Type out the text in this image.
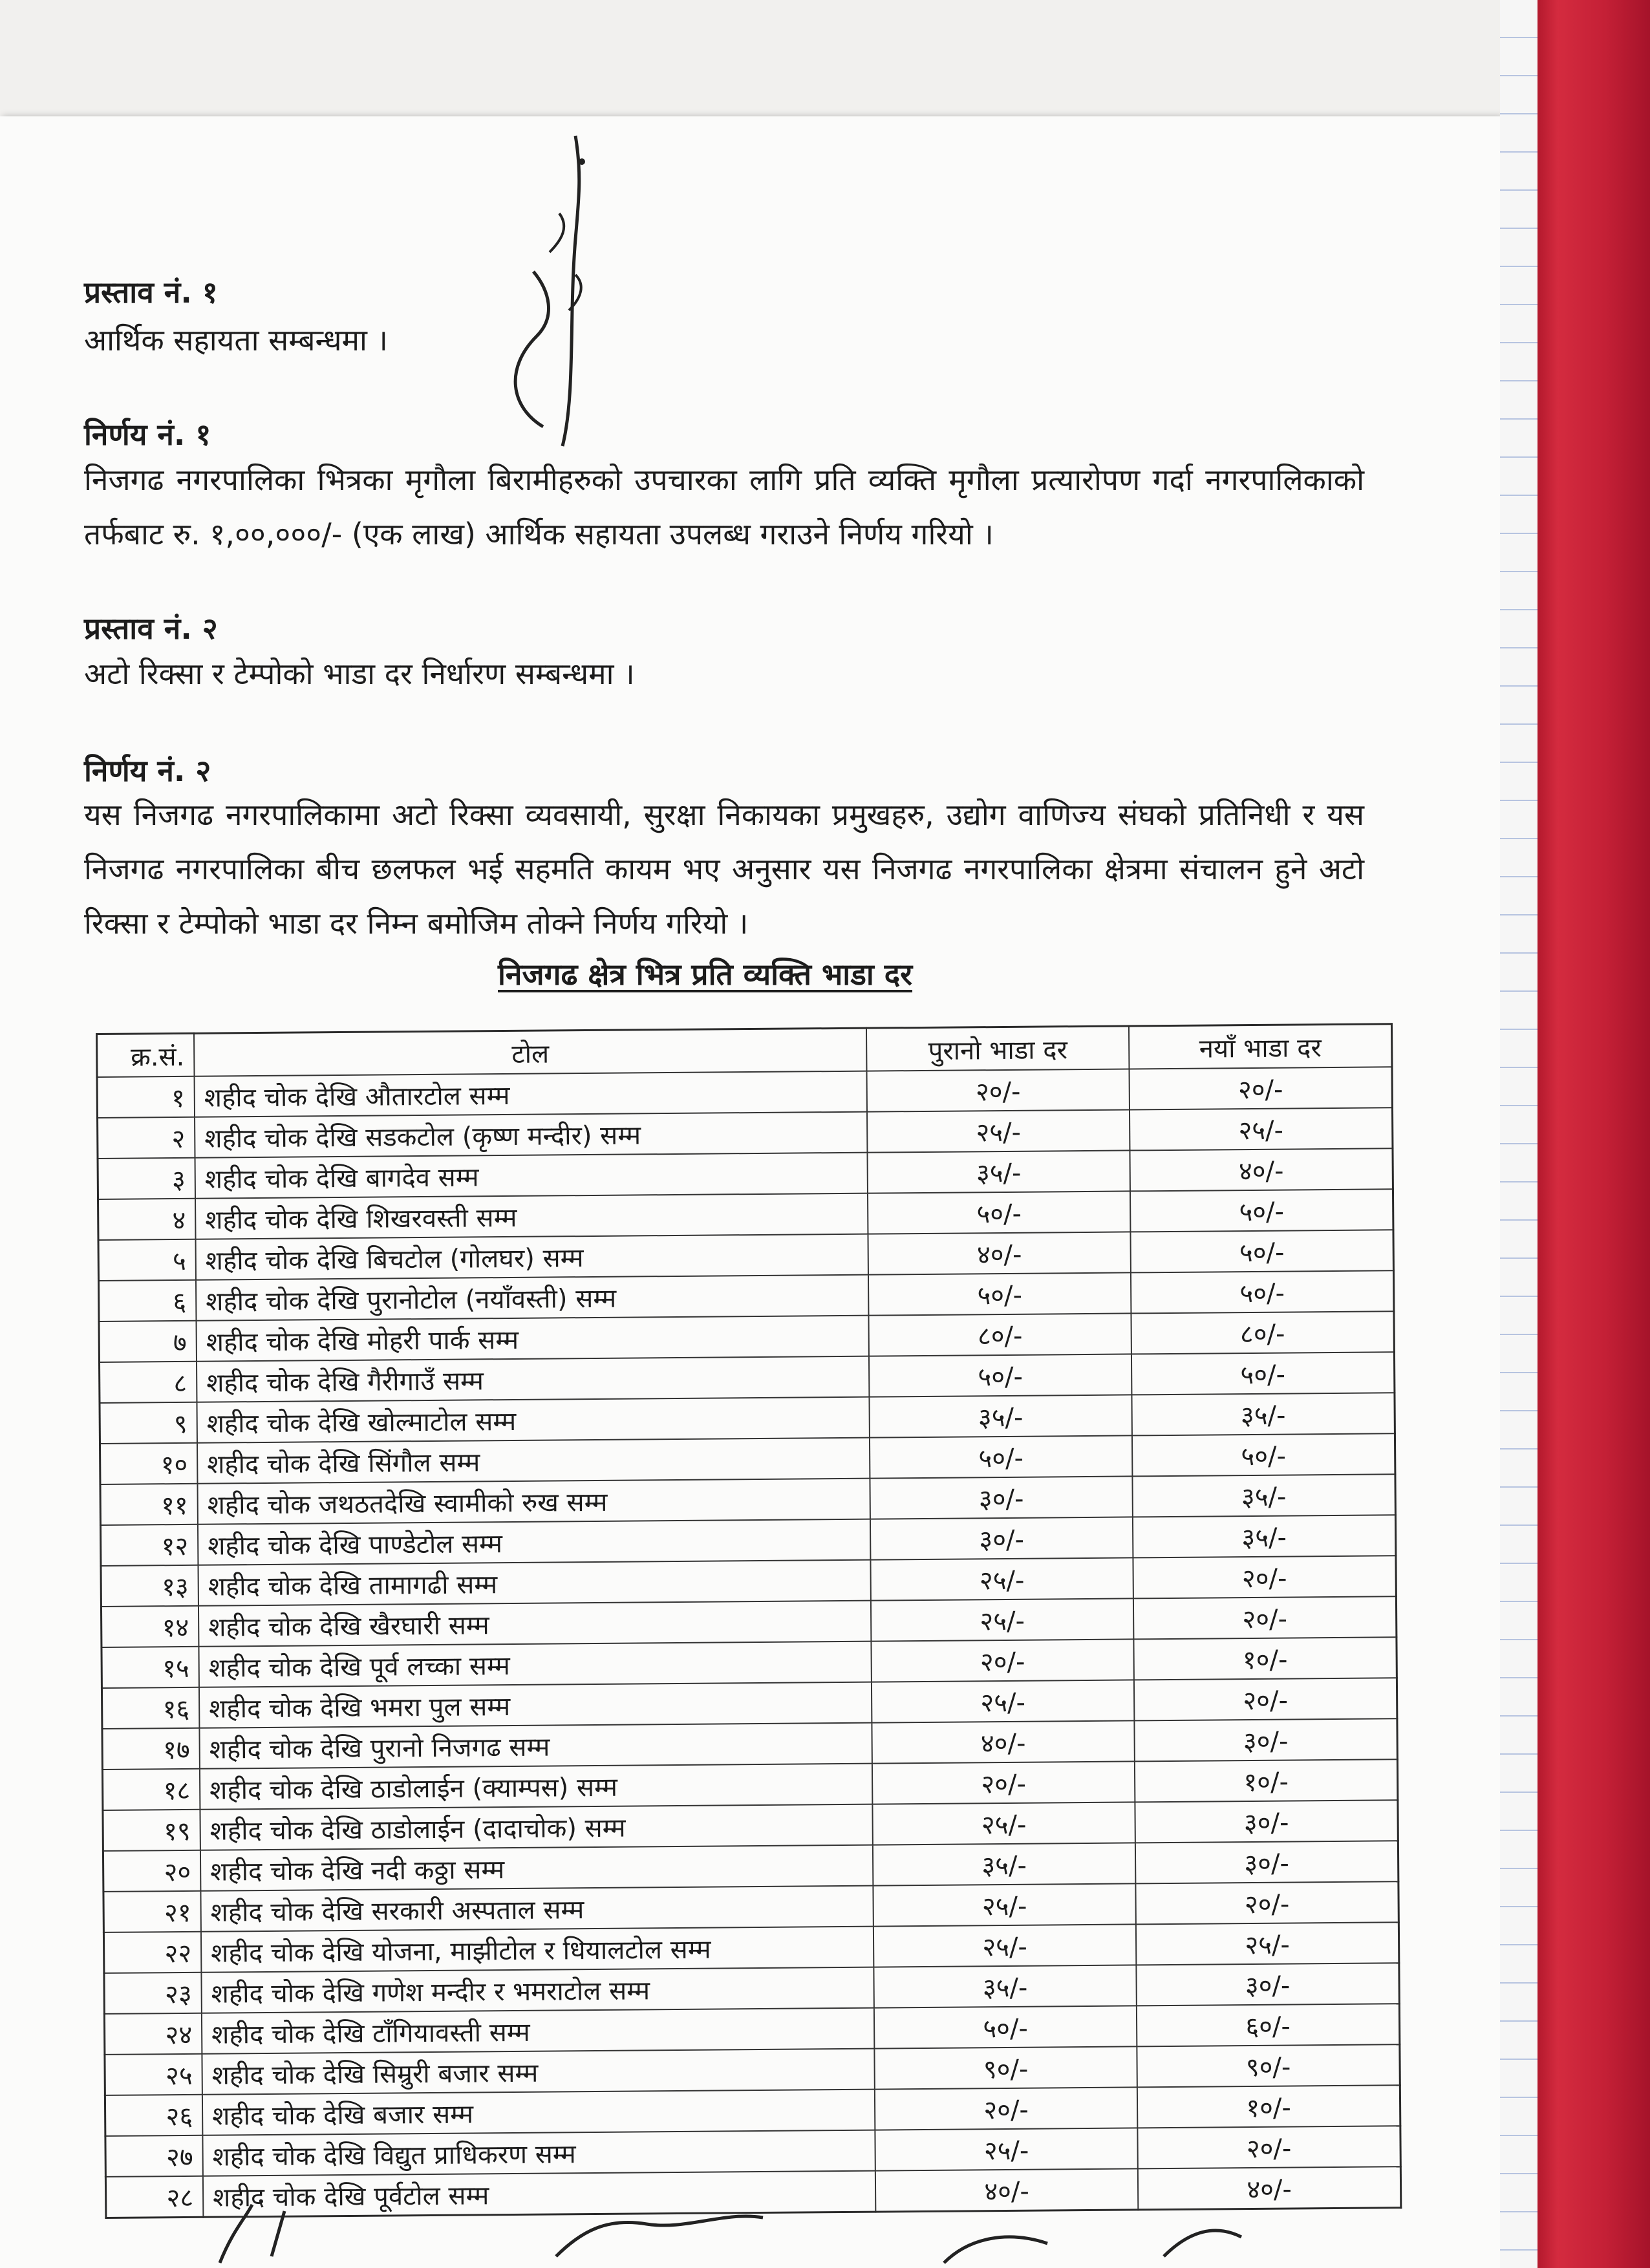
प्रस्ताव नं. १
आर्थिक सहायता सम्बन्धमा ।
निर्णय नं. १
निजगढ नगरपालिका भित्रका मृगौला बिरामीहरुको उपचारका लागि प्रति व्यक्ति मृगौला प्रत्यारोपण गर्दा नगरपालिकाको तर्फबाट रु. १,००,०००/- (एक लाख) आर्थिक सहायता उपलब्ध गराउने निर्णय गरियो ।
प्रस्ताव नं. २
अटो रिक्सा र टेम्पोको भाडा दर निर्धारण सम्बन्धमा ।
निर्णय नं. २
यस निजगढ नगरपालिकामा अटो रिक्सा व्यवसायी, सुरक्षा निकायका प्रमुखहरु, उद्योग वाणिज्य संघको प्रतिनिधी र यस निजगढ नगरपालिका बीच छलफल भई सहमति कायम भए अनुसार यस निजगढ नगरपालिका क्षेत्रमा संचालन हुने अटो रिक्सा र टेम्पोको भाडा दर निम्न बमोजिम तोक्ने निर्णय गरियो ।
निजगढ क्षेत्र भित्र प्रति व्यक्ति भाडा दर
क्र.सं.	टोल	पुरानो भाडा दर	नयाँ भाडा दर
१	शहीद चोक देखि औतारटोल सम्म	२०/-	२०/-
२	शहीद चोक देखि सडकटोल (कृष्ण मन्दीर) सम्म	२५/-	२५/-
३	शहीद चोक देखि बागदेव सम्म	३५/-	४०/-
४	शहीद चोक देखि शिखरवस्ती सम्म	५०/-	५०/-
५	शहीद चोक देखि बिचटोल (गोलघर) सम्म	४०/-	५०/-
६	शहीद चोक देखि पुरानोटोल (नयाँवस्ती) सम्म	५०/-	५०/-
७	शहीद चोक देखि मोहरी पार्क सम्म	८०/-	८०/-
८	शहीद चोक देखि गैरीगाउँ सम्म	५०/-	५०/-
९	शहीद चोक देखि खोल्माटोल सम्म	३५/-	३५/-
१०	शहीद चोक देखि सिंगौल सम्म	५०/-	५०/-
११	शहीद चोक जथठतदेखि स्वामीको रुख सम्म	३०/-	३५/-
१२	शहीद चोक देखि पाण्डेटोल सम्म	३०/-	३५/-
१३	शहीद चोक देखि तामागढी सम्म	२५/-	२०/-
१४	शहीद चोक देखि खैरघारी सम्म	२५/-	२०/-
१५	शहीद चोक देखि पूर्व लच्का सम्म	२०/-	१०/-
१६	शहीद चोक देखि भमरा पुल सम्म	२५/-	२०/-
१७	शहीद चोक देखि पुरानो निजगढ सम्म	४०/-	३०/-
१८	शहीद चोक देखि ठाडोलाईन (क्याम्पस) सम्म	२०/-	१०/-
१९	शहीद चोक देखि ठाडोलाईन (दादाचोक) सम्म	२५/-	३०/-
२०	शहीद चोक देखि नदी कठ्ठा सम्म	३५/-	३०/-
२१	शहीद चोक देखि सरकारी अस्पताल सम्म	२५/-	२०/-
२२	शहीद चोक देखि योजना, माझीटोल र धियालटोल सम्म	२५/-	२५/-
२३	शहीद चोक देखि गणेश मन्दीर र भमराटोल सम्म	३५/-	३०/-
२४	शहीद चोक देखि टाँगियावस्ती सम्म	५०/-	६०/-
२५	शहीद चोक देखि सिम्रुरी बजार सम्म	९०/-	९०/-
२६	शहीद चोक देखि बजार सम्म	२०/-	१०/-
२७	शहीद चोक देखि विद्युत प्राधिकरण सम्म	२५/-	२०/-
२८	शहीद चोक देखि पूर्वटोल सम्म	४०/-	४०/-
